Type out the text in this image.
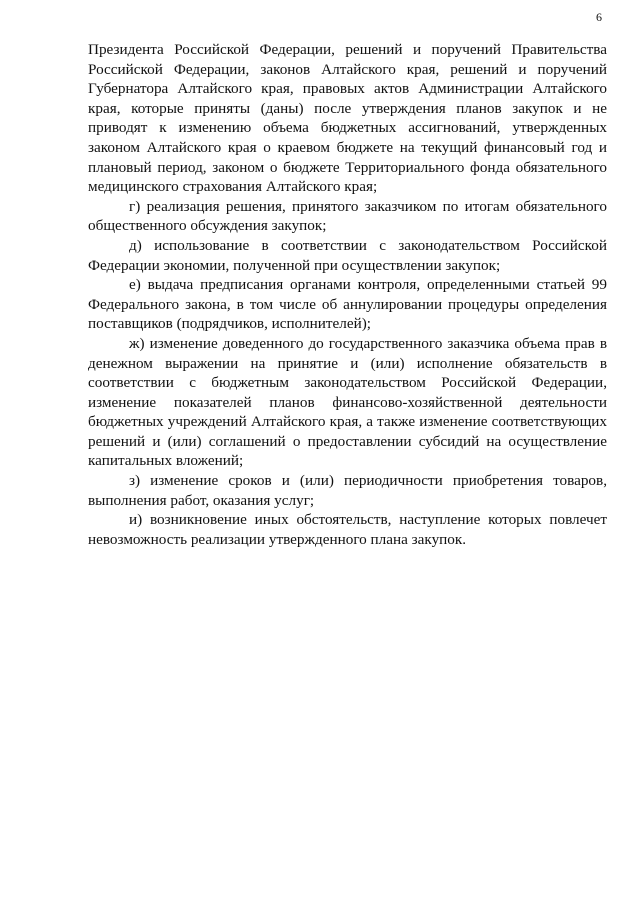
6

Президента Российской Федерации, решений и поручений Правительства Российской Федерации, законов Алтайского края, решений и поручений Губернатора Алтайского края, правовых актов Администрации Алтайского края, которые приняты (даны) после утверждения планов закупок и не приводят к изменению объема бюджетных ассигнований, утвержденных законом Алтайского края о краевом бюджете на текущий финансовый год и плановый период, законом о бюджете Территориального фонда обязательного медицинского страхования Алтайского края;

г) реализация решения, принятого заказчиком по итогам обязательного общественного обсуждения закупок;

д) использование в соответствии с законодательством Российской Федерации экономии, полученной при осуществлении закупок;

е) выдача предписания органами контроля, определенными статьей 99 Федерального закона, в том числе об аннулировании процедуры определения поставщиков (подрядчиков, исполнителей);

ж) изменение доведенного до государственного заказчика объема прав в денежном выражении на принятие и (или) исполнение обязательств в соответствии с бюджетным законодательством Российской Федерации, изменение показателей планов финансово-хозяйственной деятельности бюджетных учреждений Алтайского края, а также изменение соответствующих решений и (или) соглашений о предоставлении субсидий на осуществление капитальных вложений;

з) изменение сроков и (или) периодичности приобретения товаров, выполнения работ, оказания услуг;

и) возникновение иных обстоятельств, наступление которых повлечет невозможность реализации утвержденного плана закупок.
